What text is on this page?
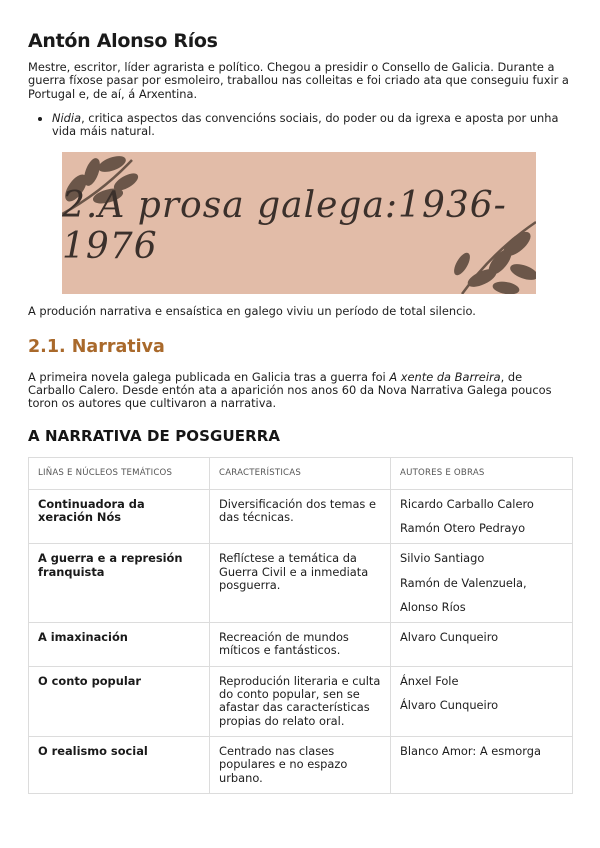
Antón Alonso Ríos

Mestre, escritor, líder agrarista e político. Chegou a presidir o Consello de Galicia. Durante a guerra fíxose pasar por esmoleiro, traballou nas colleitas e foi criado ata que conseguiu fuxir a Portugal e, de aí, á Arxentina.

• Nidia, critica aspectos das convencións sociais, do poder ou da igrexa e aposta por unha vida máis natural.
2.A prosa galega:1936-1976

A produción narrativa e ensaística en galego viviu un período de total silencio.

2.1. Narrativa

A primeira novela galega publicada en Galicia tras a guerra foi A xente da Barreira, de Carballo Calero. Desde entón ata a aparición nos anos 60 da Nova Narrativa Galega poucos toron os autores que cultivaron a narrativa.

A NARRATIVA DE POSGUERRA
LIÑAS E NÚCLEOS TEMÁTICOS	CARACTERÍSTICAS	AUTORES E OBRAS
Continuadora da xeración Nós	Diversificación dos temas e das técnicas.	Ricardo Carballo Calero
Ramón Otero Pedrayo

A guerra e a represión franquista	Reflíctese a temática da Guerra Civil e a inmediata posguerra.	Silvio Santiago
Ramón de Valenzuela,
Alonso Ríos

A imaxinación	Recreación de mundos míticos e fantásticos.	Alvaro Cunqueiro

O conto popular	Reprodución literaria e culta do conto popular, sen se afastar das características propias do relato oral.	Ánxel Fole
Álvaro Cunqueiro

O realismo social	Centrado nas clases populares e no espazo urbano.	Blanco Amor: A esmorga
